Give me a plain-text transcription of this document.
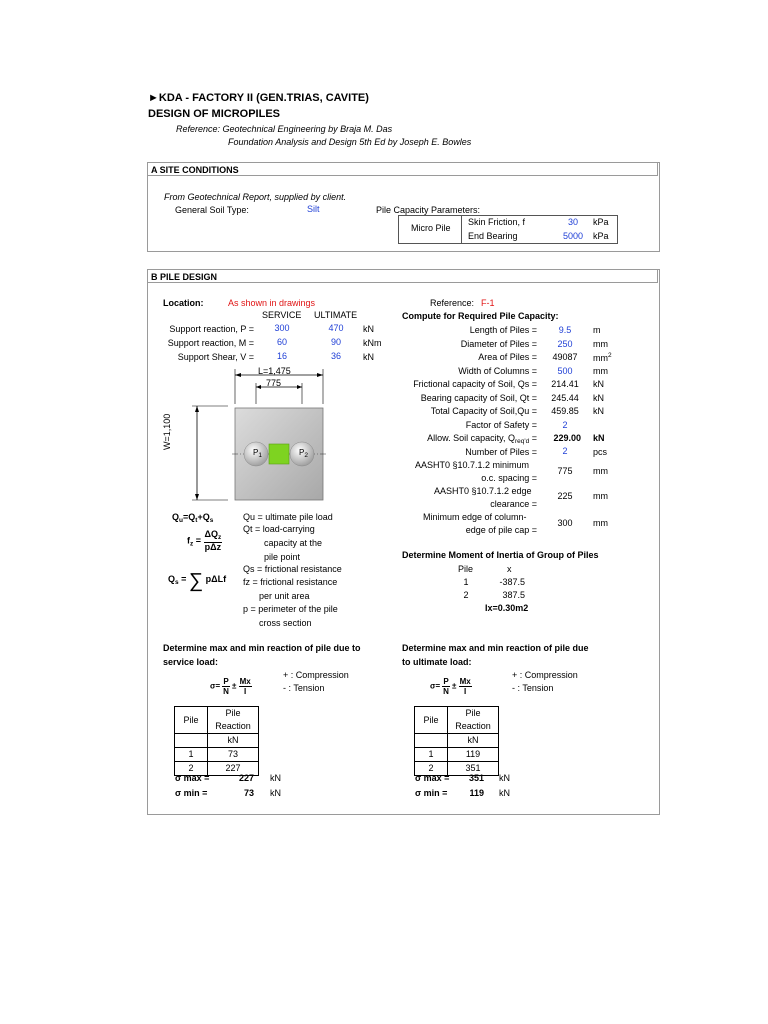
►KDA - FACTORY II (GEN.TRIAS, CAVITE)
DESIGN OF MICROPILES
Reference: Geotechnical Engineering by Braja M. Das
Foundation Analysis and Design 5th Ed by Joseph E. Bowles
A SITE CONDITIONS
From Geotechnical Report, supplied by client.
General Soil Type:	Silt	Pile Capacity Parameters:
Micro Pile
Skin Friction, f	30 kPa
End Bearing	5000 kPa
B PILE DESIGN
Location:	As shown in drawings
SERVICE ULTIMATE
Support reaction, P =	300	470	kN
Support reaction, M =	60	90	kNm
Support Shear, V =	16	36	kN
L=1,475
775
W=1,100
$P_1$	$P_2$
$Q_u=Q_t+Q_s$
$f_z = \frac{\Delta Q_z}{\text{pΔz}}$
$Q_s$ = ∑ pΔLf
Qu = ultimate pile load
Qt = load-carrying
capacity at the
pile point
Qs = frictional resistance
fz = frictional resistance
per unit area
p = perimeter of the pile
cross section
Reference: F-1
Compute for Required Pile Capacity:
Length of Piles =	9.5	m
Diameter of Piles =	250	mm
Area of Piles =	49087	$mm^2$
Width of Columns =	500	mm
Frictional capacity of Soil, Qs =	214.41	kN
Bearing capacity of Soil, Qt =	245.44	kN
Total Capacity of Soil,Qu =	459.85	kN
Factor of Safety =	2
Allow. Soil capacity, $Q_{req'd}$ =	229.00 kN
Number of Piles =	2	pcs
AASHT0 §10.7.1.2 minimum
o.c. spacing =
775	mm
AASHT0 §10.7.1.2 edge
clearance =
225	mm
Minimum edge of column-
edge of pile cap =
300	mm
Determine Moment of Inertia of Group of Piles
Pile	x
1	-387.5
2	387.5
Ix=0.30m2
Determine max and min reaction of pile due to
service load:
$\sigma= \frac{P}{N} \pm \frac{Mx}{I}$
+ : Compression
- : Tension
Pile	Pile
	Reaction
	kN
1	73
2	227
σ max =	227 kN
σ min =	73 kN
Determine max and min reaction of pile due
to ultimate load:
$\sigma= \frac{P}{N} \pm \frac{Mx}{I}$
+ : Compression
- : Tension
Pile	Pile
	Reaction
	kN
1	119
2	351
σ max =	351 kN
σ min =	119 kN
